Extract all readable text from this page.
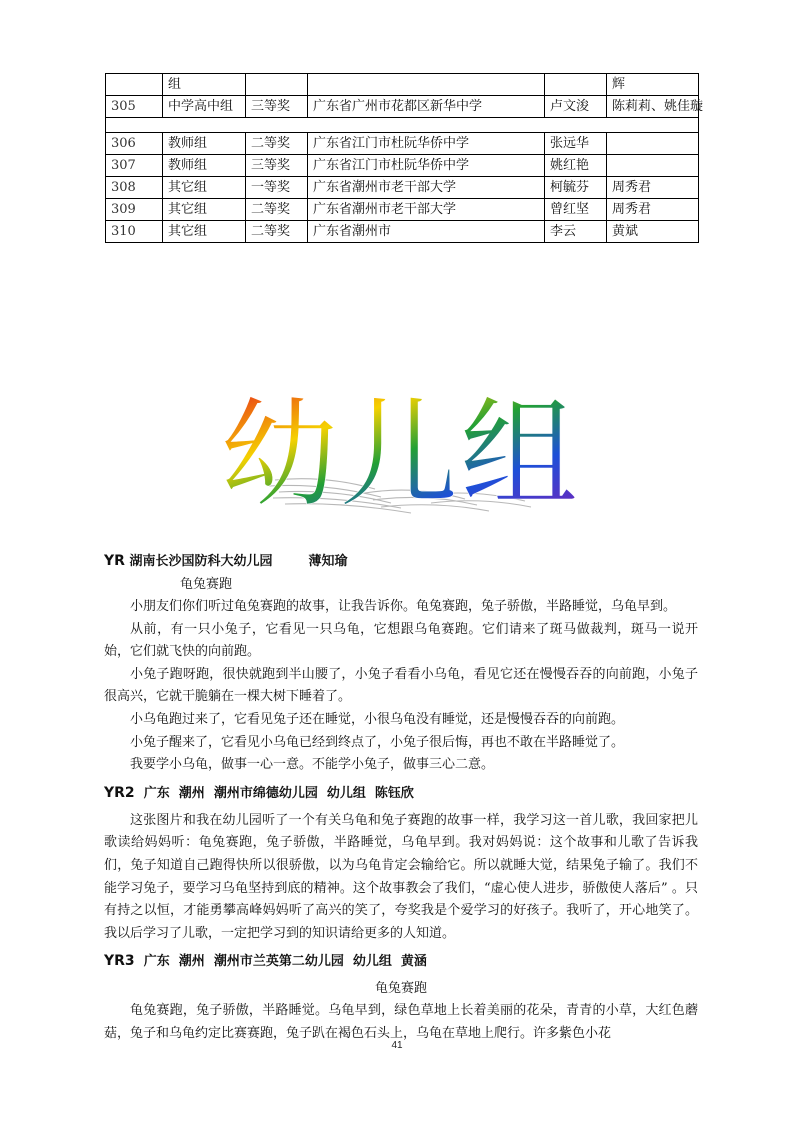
	组				辉
305	中学高中组	三等奖	广东省广州市花都区新华中学	卢文浚	陈莉莉、姚佳璇

306	教师组	二等奖	广东省江门市杜阮华侨中学	张远华	
307	教师组	三等奖	广东省江门市杜阮华侨中学	姚红艳	
308	其它组	一等奖	广东省潮州市老干部大学	柯毓芬	周秀君
309	其它组	二等奖	广东省潮州市老干部大学	曾红坚	周秀君
310	其它组	二等奖	广东省潮州市	李云	黄斌
幼儿组

YR 湖南长沙国防科大幼儿园	薄知瑜

龟兔赛跑

小朋友们你们听过龟兔赛跑的故事，让我告诉你。龟兔赛跑，兔子骄傲，半路睡觉，乌龟早到。

从前，有一只小兔子，它看见一只乌龟，它想跟乌龟赛跑。它们请来了斑马做裁判，斑马一说开始，它们就飞快的向前跑。

小兔子跑呀跑，很快就跑到半山腰了，小兔子看看小乌龟，看见它还在慢慢吞吞的向前跑，小兔子很高兴，它就干脆躺在一棵大树下睡着了。

小乌龟跑过来了，它看见兔子还在睡觉，小很乌龟没有睡觉，还是慢慢吞吞的向前跑。

小兔子醒来了，它看见小乌龟已经到终点了，小兔子很后悔，再也不敢在半路睡觉了。

我要学小乌龟，做事一心一意。不能学小兔子，做事三心二意。

YR2  广东  潮州  潮州市绵德幼儿园  幼儿组  陈钰欣

这张图片和我在幼儿园听了一个有关乌龟和兔子赛跑的故事一样，我学习这一首儿歌，我回家把儿歌读给妈妈听：龟兔赛跑，兔子骄傲，半路睡觉，乌龟早到。我对妈妈说：这个故事和儿歌了告诉我们，兔子知道自己跑得快所以很骄傲，以为乌龟肯定会输给它。所以就睡大觉，结果兔子输了。我们不能学习兔子，要学习乌龟坚持到底的精神。这个故事教会了我们，“虚心使人进步，骄傲使人落后” 。只有持之以恒，才能勇攀高峰妈妈听了高兴的笑了，夸奖我是个爱学习的好孩子。我听了，开心地笑了。我以后学习了儿歌，一定把学习到的知识请给更多的人知道。

YR3  广东  潮州  潮州市兰英第二幼儿园  幼儿组  黄涵

龟兔赛跑

龟兔赛跑，兔子骄傲，半路睡觉。乌龟早到，绿色草地上长着美丽的花朵，青青的小草，大红色蘑菇，兔子和乌龟约定比赛赛跑，兔子趴在褐色石头上，乌龟在草地上爬行。许多紫色小花

41
